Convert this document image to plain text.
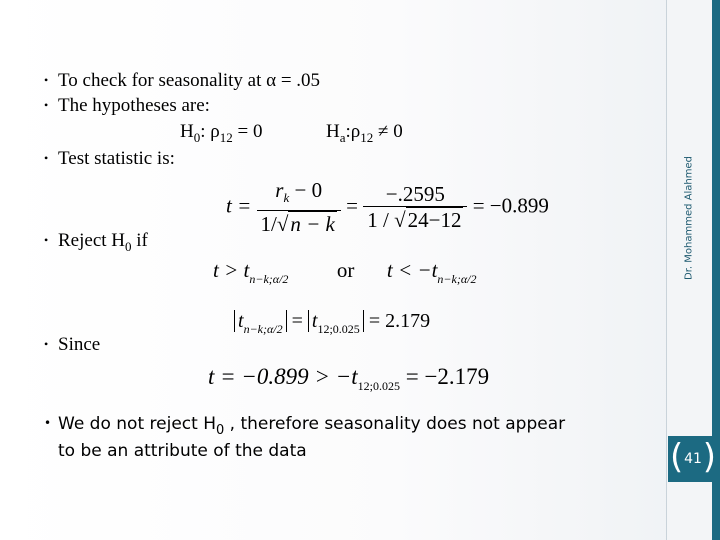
• To check for seasonality at α = .05
• The hypotheses are:
$H_0$: $\rho_{12} = 0$	$H_a:\rho_{12} \ne 0$
• Test statistic is:
$t = \frac{r_k - 0}{1/√n - k} = \frac{-.2595}{1 / √24-12} = -0.899$
• Reject $H_0$ if
$t > t_{n-k;\alpha/2}$ or $t < -t_{n-k;\alpha/2}$
$t_{n-k;\alpha/2} = t_{12;0.025} = 2.179$
• Since
$t = -0.899 > -t_{12;0.025} = -2.179$
• We do not reject $H_0$ , therefore seasonality does not appear
to be an attribute of the data
Dr. Mohammed Alahmed
( )
41
